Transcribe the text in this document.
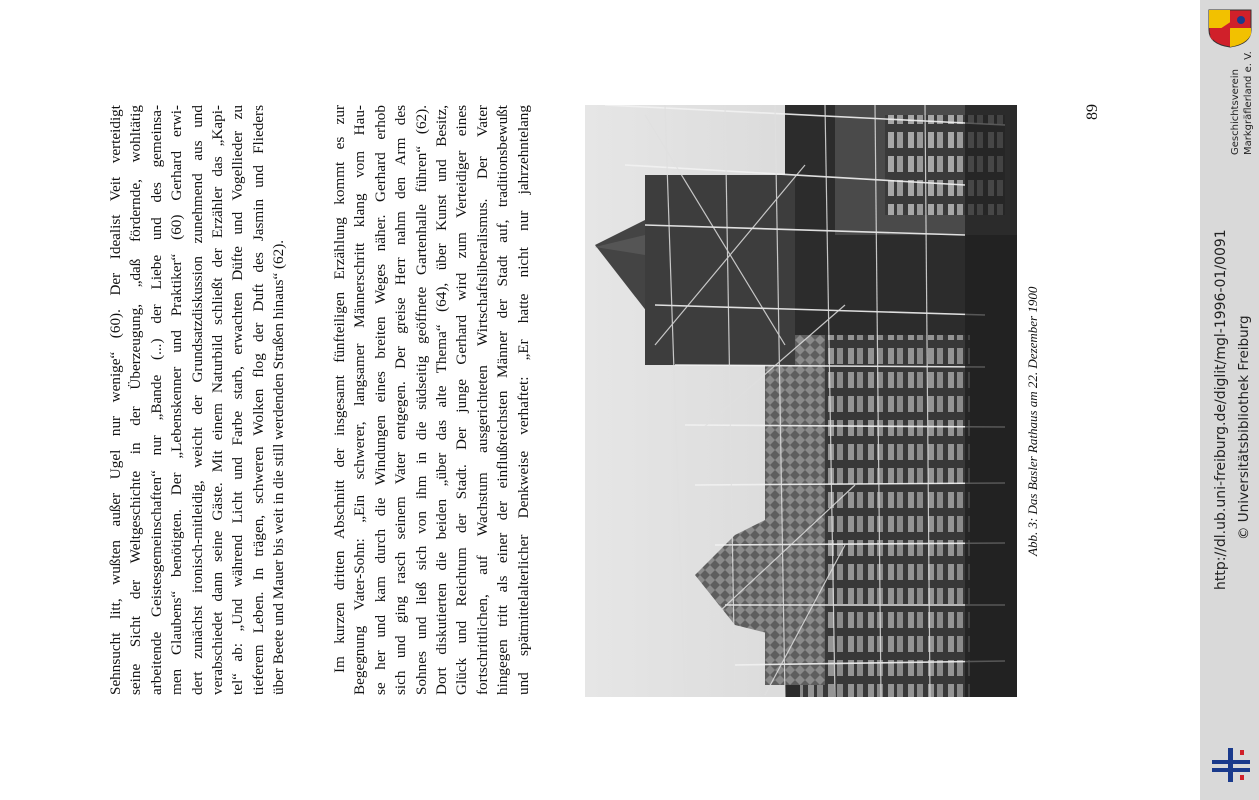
Sehnsucht litt, wußten außer Ugel nur wenige“ (60). Der Idealist Veit verteidigt seine Sicht der Weltgeschichte in der Überzeugung, „daß fördernde, wohltätig arbeitende Geistesgemeinschaften“ nur „Bande (...) der Liebe und des gemeinsa- men Glaubens“ benötigten. Der „Lebenskenner und Praktiker“ (60) Gerhard erwi- dert zunächst ironisch-mitleidig, weicht der Grundsatzdiskussion zunehmend aus und verabschiedet dann seine Gäste. Mit einem Naturbild schließt der Erzähler das „Kapi- tel“ ab: „Und während Licht und Farbe starb, erwachten Düfte und Vogellieder zu tieferem Leben. In trägen, schweren Wolken flog der Duft des Jasmin und Flieders über Beete und Mauer bis weit in die still werdenden Straßen hinaus“ (62).	Im kurzen dritten Abschnitt der insgesamt fünfteiligen Erzählung kommt es zur Begegnung Vater-Sohn: „Ein schwerer, langsamer Männerschritt klang vom Hau- se her und kam durch die Windungen eines breiten Weges näher. Gerhard erhob sich und ging rasch seinem Vater entgegen. Der greise Herr nahm den Arm des Sohnes und ließ sich von ihm in die südseitig geöffnete Gartenhalle führen“ (62). Dort diskutierten die beiden „über das alte Thema“ (64), über Kunst und Besitz, Glück und Reichtum der Stadt. Der junge Gerhard wird zum Verteidiger eines fortschrittlichen, auf Wachstum ausgerichteten Wirtschaftsliberalismus. Der Vater hingegen tritt als einer der einflußreichsten Männer der Stadt auf, traditionsbewußt und spätmittelalterlicher Denkweise verhaftet: „Er hatte nicht nur jahrzehntelang	Abb. 3: Das Basler Rathaus am 22. Dezember 1900
89
http://dl.ub.uni-freiburg.de/diglit/mgl-1996-01/0091 © Universitätsbibliothek Freiburg
Geschichtsverein Markgräflerland e. V.
